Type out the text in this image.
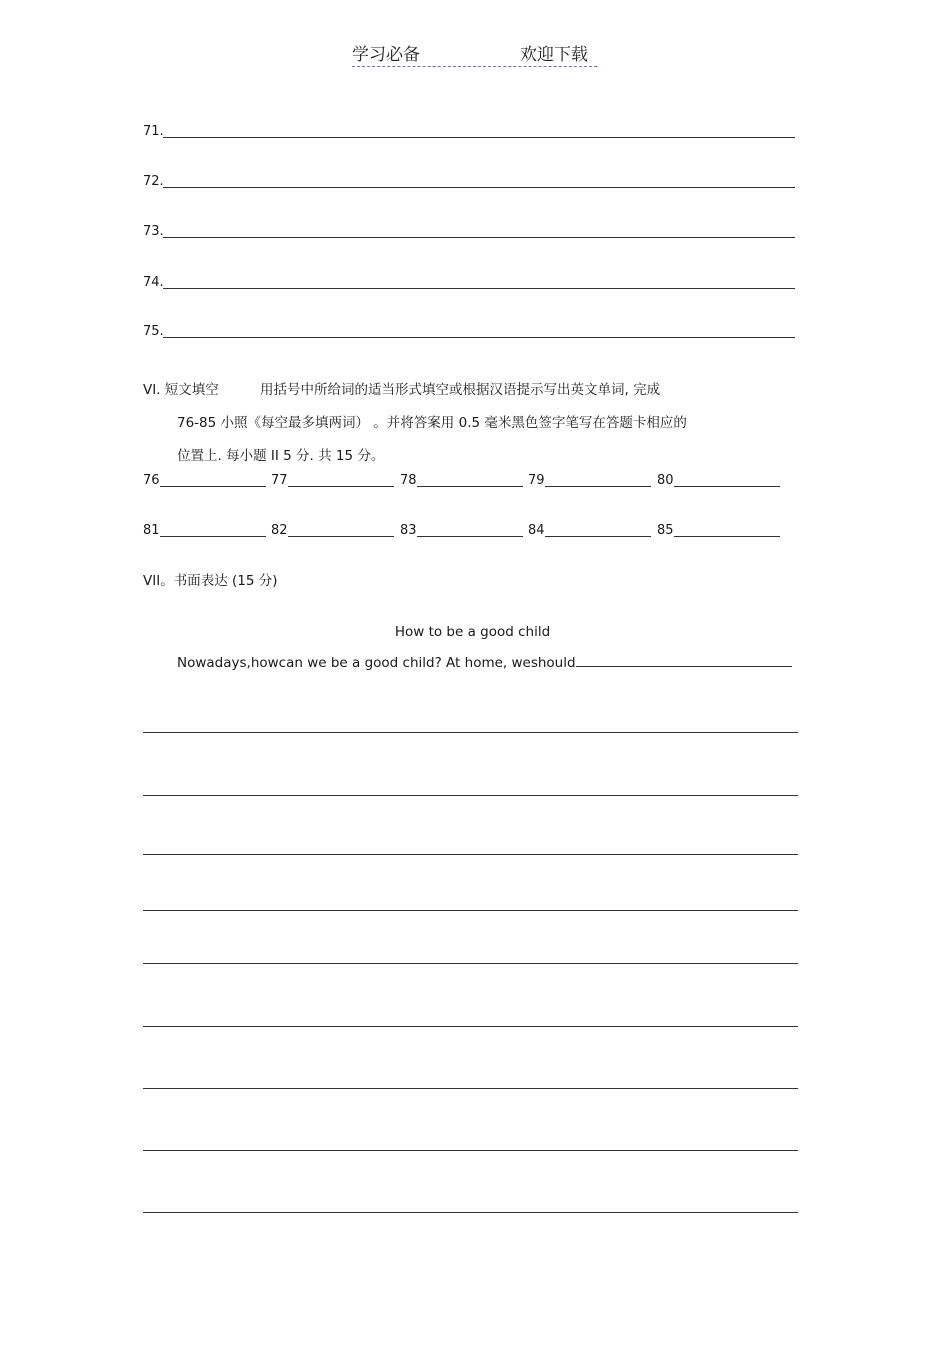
学习必备	欢迎下载
71.
72.
73.
74.
75.
VI. 短文填空	用括号中所给词的适当形式填空或根据汉语提示写出英文单词, 完成
76-85 小照《每空最多填两词） 。并将答案用 0.5 毫米黑色签字笔写在答题卡相应的
位置上. 每小题 II 5 分. 共 15 分。
76	77	78	79	80
81	82	83	84	85
VII。书面表达 (15 分)
How to be a good child
Nowadays,howcan we be a good child? At home, weshould
